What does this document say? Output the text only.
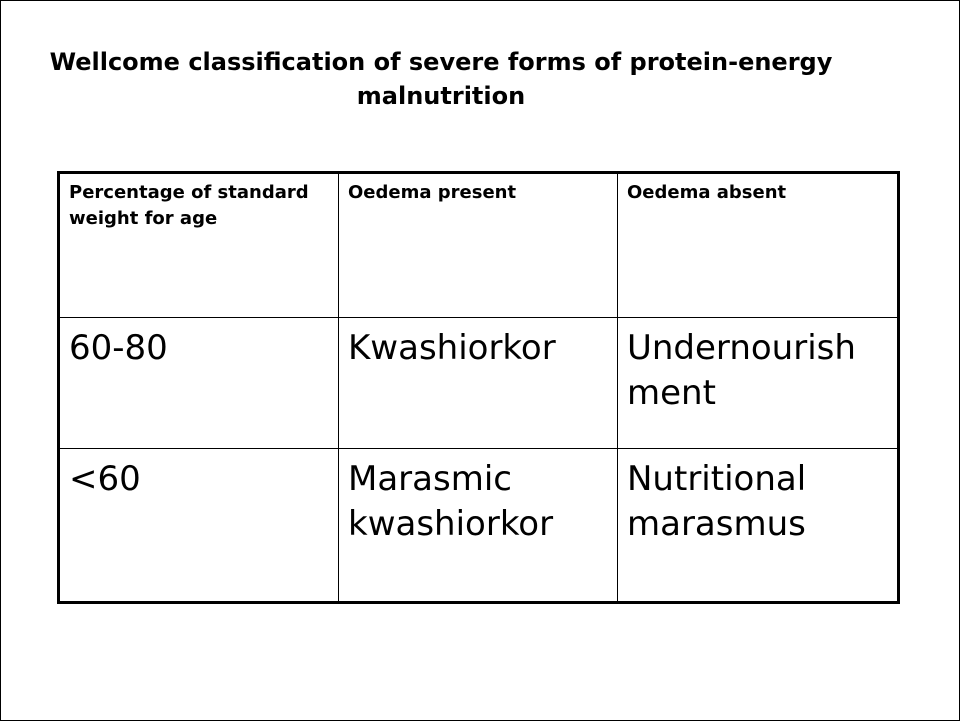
Wellcome classification of severe forms of protein-energy
malnutrition
Percentage of standard weight for age	Oedema present	Oedema absent
60-80	Kwashiorkor	Undernourishment
<60	Marasmic kwashiorkor	Nutritional marasmus
